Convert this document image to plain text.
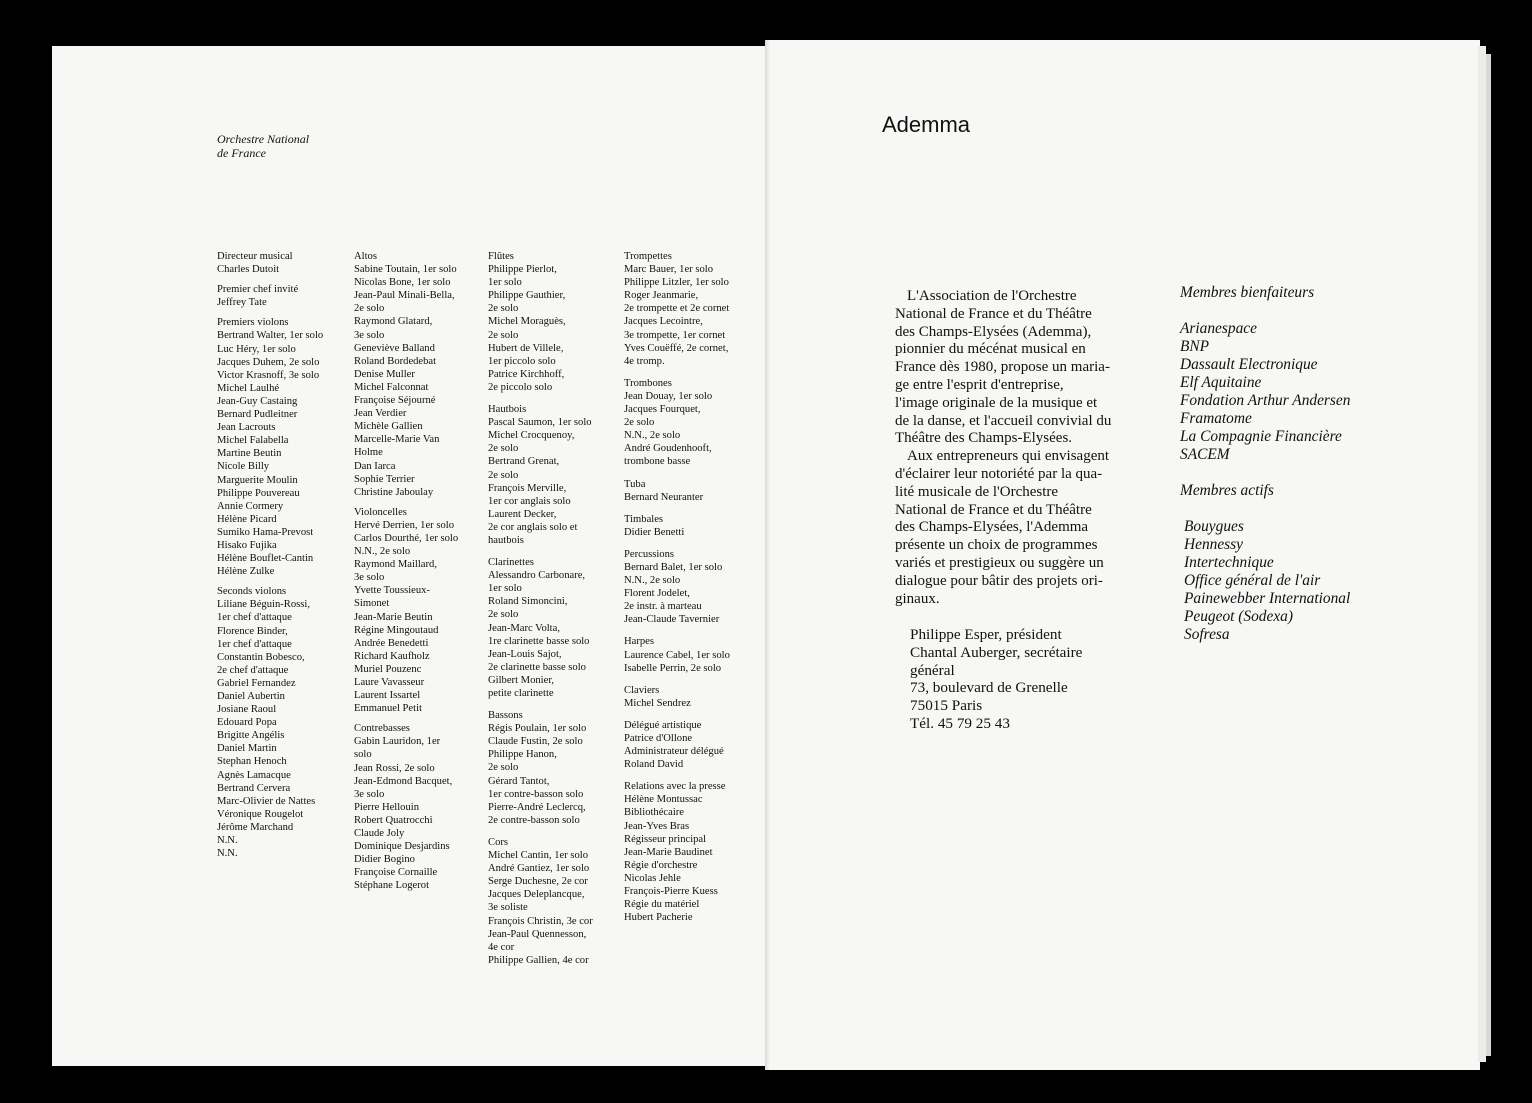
Orchestre National
de France
Directeur musical
Charles Dutoit
Premier chef invité
Jeffrey Tate
Premiers violons
Bertrand Walter, 1er solo
Luc Héry, 1er solo
Jacques Duhem, 2e solo
Victor Krasnoff, 3e solo
Michel Laulhé
Jean-Guy Castaing
Bernard Pudleitner
Jean Lacrouts
Michel Falabella
Martine Beutin
Nicole Billy
Marguerite Moulin
Philippe Pouvereau
Annie Cormery
Hélène Picard
Sumiko Hama-Prevost
Hisako Fujika
Hélène Bouflet-Cantin
Hélène Zulke
Seconds violons
Liliane Béguin-Rossi,
1er chef d'attaque
Florence Binder,
1er chef d'attaque
Constantin Bobesco,
2e chef d'attaque
Gabriel Fernandez
Daniel Aubertin
Josiane Raoul
Edouard Popa
Brigitte Angélis
Daniel Martin
Stephan Henoch
Agnès Lamacque
Bertrand Cervera
Marc-Olivier de Nattes
Véronique Rougelot
Jérôme Marchand
N.N.
N.N.
Altos
Sabine Toutain, 1er solo
Nicolas Bone, 1er solo
Jean-Paul Minali-Bella,
2e solo
Raymond Glatard,
3e solo
Geneviève Balland
Roland Bordedebat
Denise Muller
Michel Falconnat
Françoise Séjourné
Jean Verdier
Michèle Gallien
Marcelle-Marie Van
Holme
Dan Iarca
Sophie Terrier
Christine Jaboulay
Violoncelles
Hervé Derrien, 1er solo
Carlos Dourthé, 1er solo
N.N., 2e solo
Raymond Maillard,
3e solo
Yvette Toussieux-
Simonet
Jean-Marie Beutin
Régine Mingoutaud
Andrée Benedetti
Richard Kaufholz
Muriel Pouzenc
Laure Vavasseur
Laurent Issartel
Emmanuel Petit
Contrebasses
Gabin Lauridon, 1er
solo
Jean Rossi, 2e solo
Jean-Edmond Bacquet,
3e solo
Pierre Hellouin
Robert Quatrocchi
Claude Joly
Dominique Desjardins
Didier Bogino
Françoise Cornaille
Stéphane Logerot
Flûtes
Philippe Pierlot,
1er solo
Philippe Gauthier,
2e solo
Michel Moraguès,
2e solo
Hubert de Villele,
1er piccolo solo
Patrice Kirchhoff,
2e piccolo solo
Hautbois
Pascal Saumon, 1er solo
Michel Crocquenoy,
2e solo
Bertrand Grenat,
2e solo
François Merville,
1er cor anglais solo
Laurent Decker,
2e cor anglais solo et
hautbois
Clarinettes
Alessandro Carbonare,
1er solo
Roland Simoncini,
2e solo
Jean-Marc Volta,
1re clarinette basse solo
Jean-Louis Sajot,
2e clarinette basse solo
Gilbert Monier,
petite clarinette
Bassons
Régis Poulain, 1er solo
Claude Fustin, 2e solo
Philippe Hanon,
2e solo
Gérard Tantot,
1er contre-basson solo
Pierre-André Leclercq,
2e contre-basson solo
Cors
Michel Cantin, 1er solo
André Gantiez, 1er solo
Serge Duchesne, 2e cor
Jacques Deleplancque,
3e soliste
François Christin, 3e cor
Jean-Paul Quennesson,
4e cor
Philippe Gallien, 4e cor
Trompettes
Marc Bauer, 1er solo
Philippe Litzler, 1er solo
Roger Jeanmarie,
2e trompette et 2e cornet
Jacques Lecointre,
3e trompette, 1er cornet
Yves Couëffé, 2e cornet,
4e tromp.
Trombones
Jean Douay, 1er solo
Jacques Fourquet,
2e solo
N.N., 2e solo
André Goudenhooft,
trombone basse
Tuba
Bernard Neuranter
Timbales
Didier Benetti
Percussions
Bernard Balet, 1er solo
N.N., 2e solo
Florent Jodelet,
2e instr. à marteau
Jean-Claude Tavernier
Harpes
Laurence Cabel, 1er solo
Isabelle Perrin, 2e solo
Claviers
Michel Sendrez
Délégué artistique
Patrice d'Ollone
Administrateur délégué
Roland David
Relations avec la presse
Hélène Montussac
Bibliothécaire
Jean-Yves Bras
Régisseur principal
Jean-Marie Baudinet
Régie d'orchestre
Nicolas Jehle
François-Pierre Kuess
Régie du matériel
Hubert Pacherie
Ademma

L'Association de l'Orchestre
National de France et du Théâtre
des Champs-Elysées (Ademma),
pionnier du mécénat musical en
France dès 1980, propose un maria-
ge entre l'esprit d'entreprise,
l'image originale de la musique et
de la danse, et l'accueil convivial du
Théâtre des Champs-Elysées.

Aux entrepreneurs qui envisagent
d'éclairer leur notoriété par la qua-
lité musicale de l'Orchestre
National de France et du Théâtre
des Champs-Elysées, l'Ademma
présente un choix de programmes
variés et prestigieux ou suggère un
dialogue pour bâtir des projets ori-
ginaux.

Philippe Esper, président
Chantal Auberger, secrétaire
général
73, boulevard de Grenelle
75015 Paris
Tél. 45 79 25 43
Membres bienfaiteurs
Arianespace
BNP
Dassault Electronique
Elf Aquitaine
Fondation Arthur Andersen
Framatome
La Compagnie Financière
SACEM
Membres actifs
Bouygues
Hennessy
Intertechnique
Office général de l'air
Painewebber International
Peugeot (Sodexa)
Sofresa
